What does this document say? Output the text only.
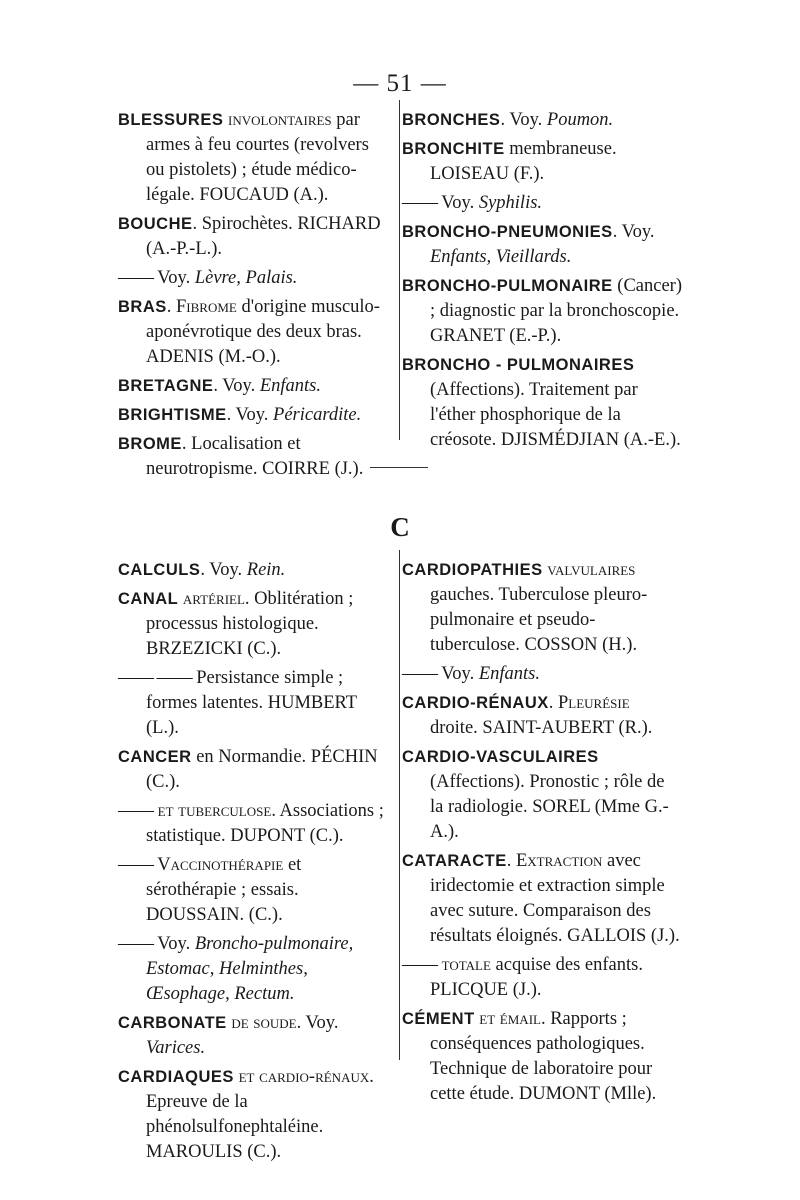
— 51 —

BLESSURES involontaires par armes à feu courtes (revolvers ou pistolets) ; étude médico-légale. FOUCAUD (A.).

BOUCHE. Spirochètes. RICHARD (A.-P.-L.).

—— Voy. Lèvre, Palais.

BRAS. Fibrome d'origine musculo-aponévrotique des deux bras. ADENIS (M.-O.).

BRETAGNE. Voy. Enfants.

BRIGHTISME. Voy. Péricardite.

BROME. Localisation et neurotropisme. COIRRE (J.).

BRONCHES. Voy. Poumon.

BRONCHITE membraneuse. LOISEAU (F.).

—— Voy. Syphilis.

BRONCHO-PNEUMONIES. Voy. Enfants, Vieillards.

BRONCHO-PULMONAIRE (Cancer) ; diagnostic par la bronchoscopie. GRANET (E.-P.).

BRONCHO - PULMONAIRES (Affections). Traitement par l'éther phosphorique de la créosote. DJISMÉDJIAN (A.-E.).

C

CALCULS. Voy. Rein.

CANAL artériel. Oblitération ; processus histologique. BRZEZICKI (C.).

—— —— Persistance simple ; formes latentes. HUMBERT (L.).

CANCER en Normandie. PÉCHIN (C.).

—— et tuberculose. Associations ; statistique. DUPONT (C.).

—— Vaccinothérapie et sérothérapie ; essais. DOUSSAIN. (C.).

—— Voy. Broncho-pulmonaire, Estomac, Helminthes, Œsophage, Rectum.

CARBONATE de soude. Voy. Varices.

CARDIAQUES et cardio-rénaux. Epreuve de la phénolsulfonephtaléine. MAROULIS (C.).

CARDIOPATHIES valvulaires gauches. Tuberculose pleuro-pulmonaire et pseudo-tuberculose. COSSON (H.).

—— Voy. Enfants.

CARDIO-RÉNAUX. Pleurésie droite. SAINT-AUBERT (R.).

CARDIO-VASCULAIRES (Affections). Pronostic ; rôle de la radiologie. SOREL (Mme G.-A.).

CATARACTE. Extraction avec iridectomie et extraction simple avec suture. Comparaison des résultats éloignés. GALLOIS (J.).

—— totale acquise des enfants. PLICQUE (J.).

CÉMENT et émail. Rapports ; conséquences pathologiques. Technique de laboratoire pour cette étude. DUMONT (Mlle).
